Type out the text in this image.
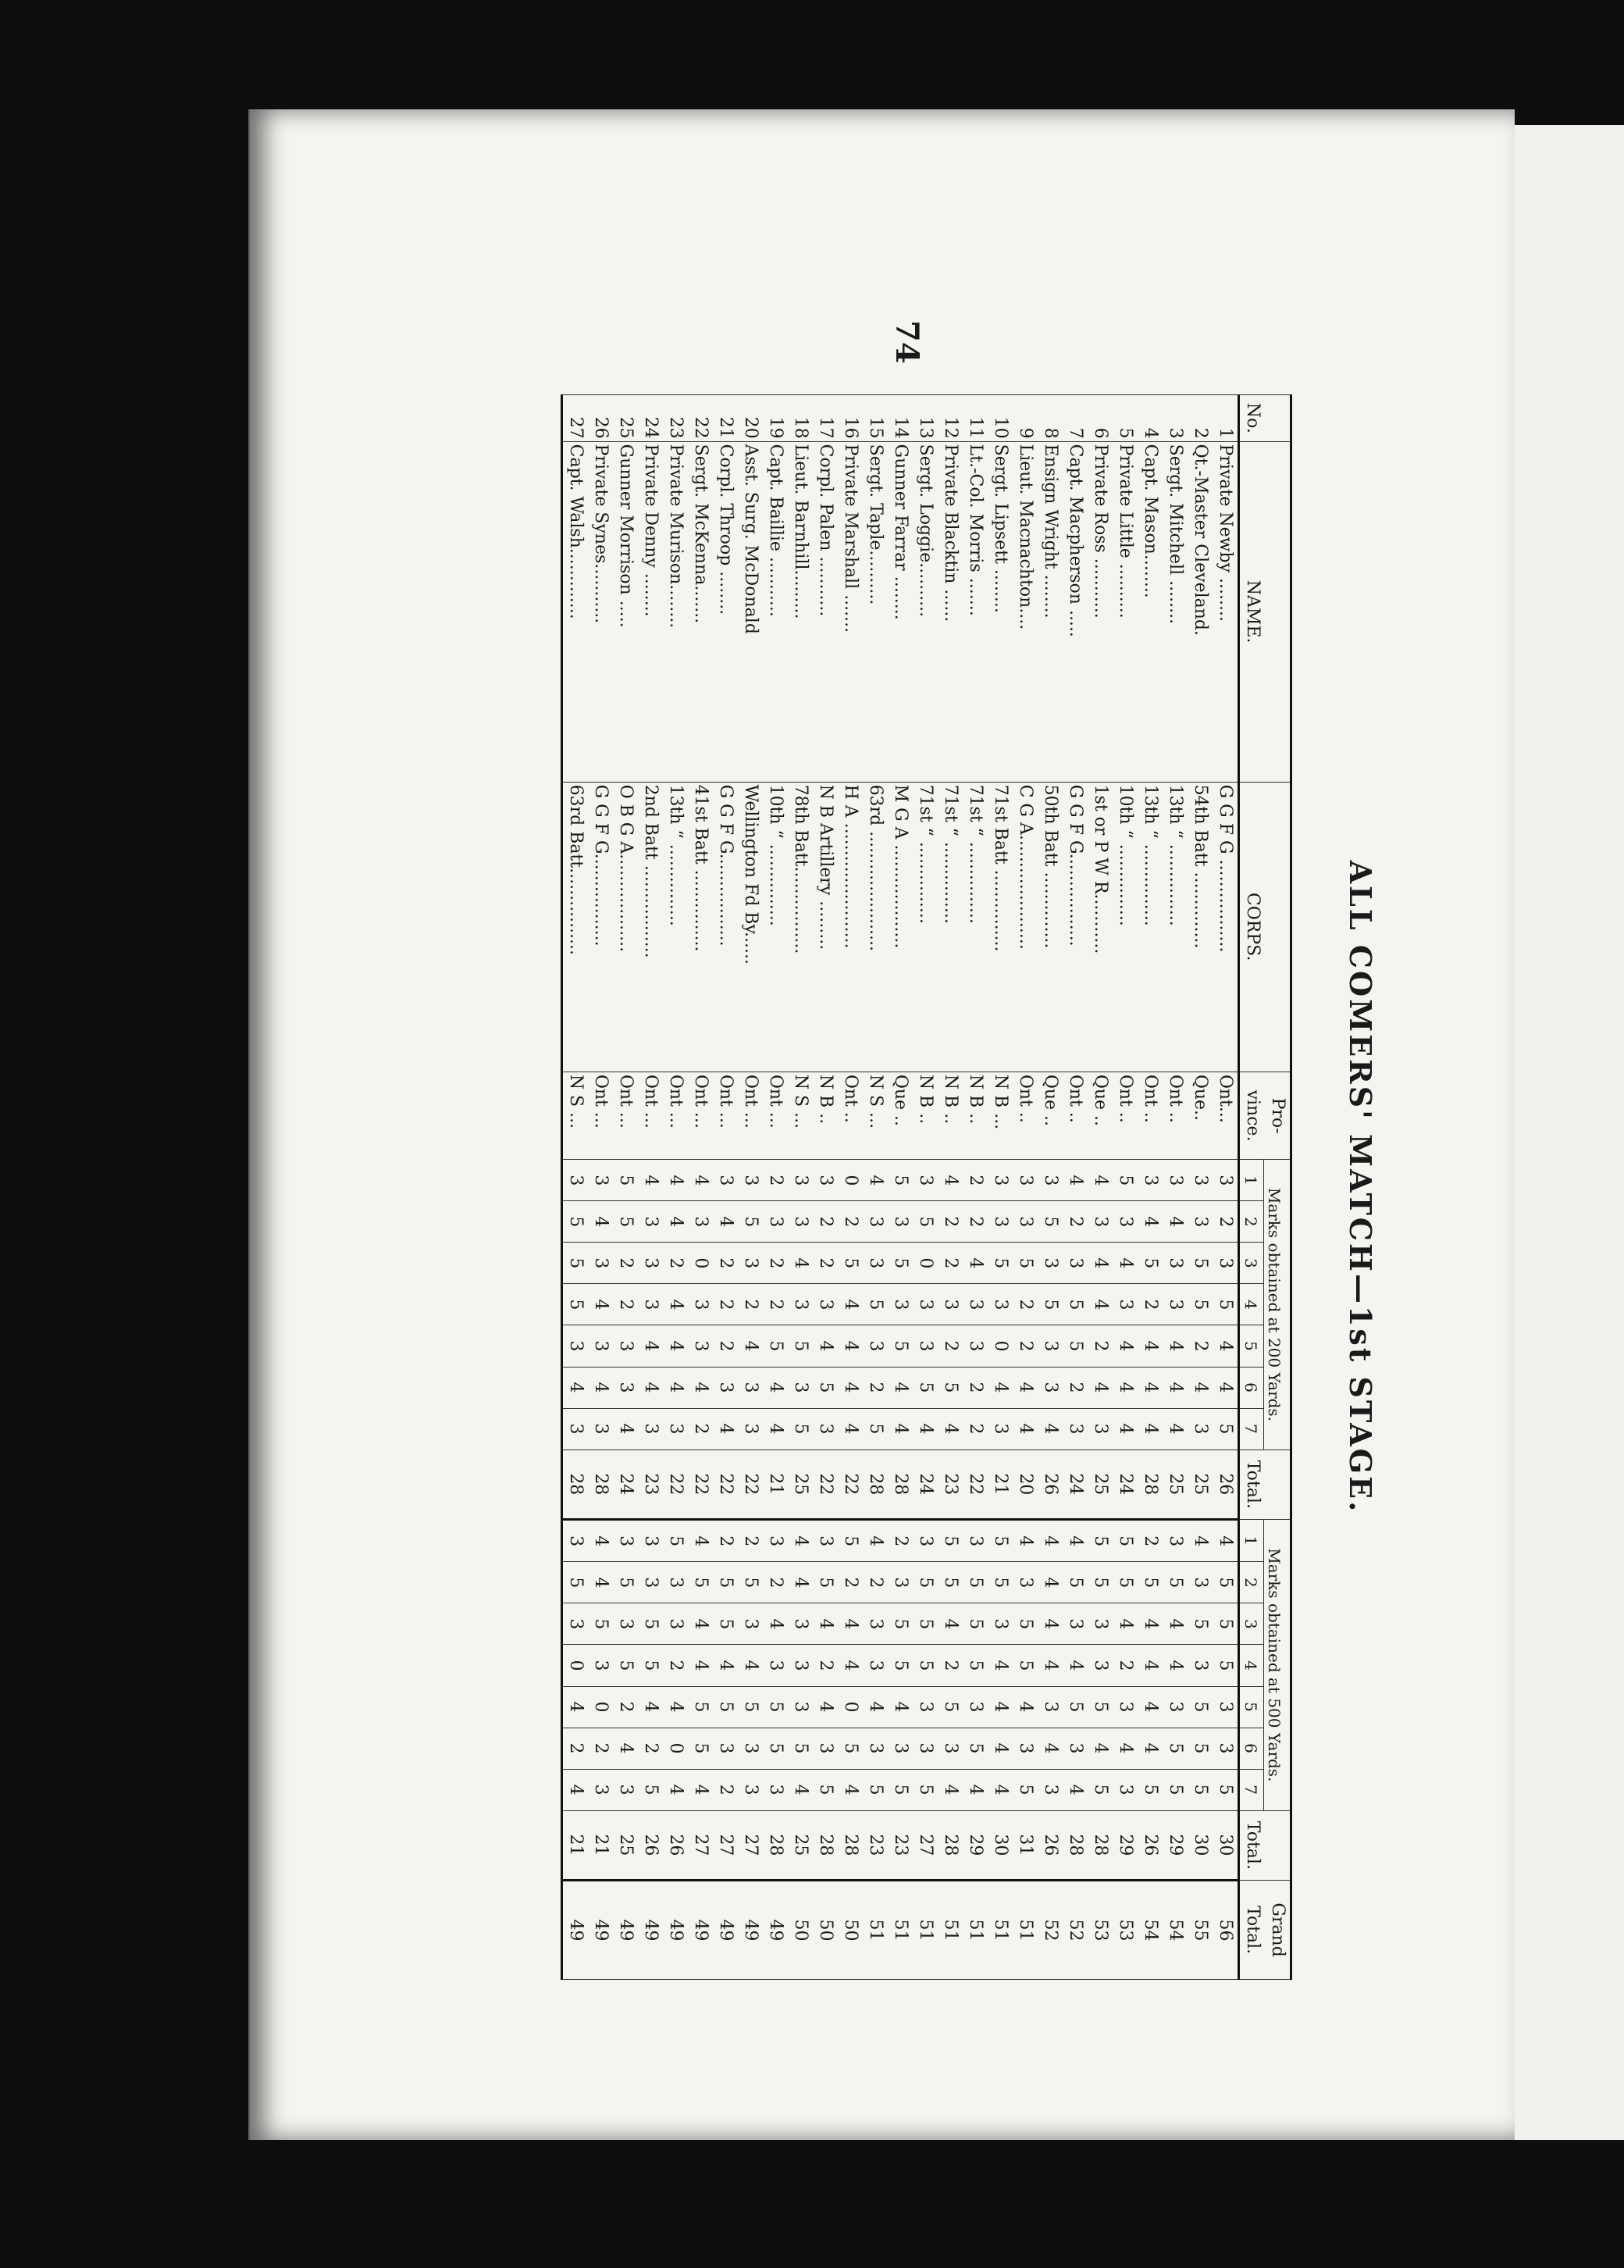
74
ALL COMERS' MATCH—1st STAGE.
No.	NAME.	CORPS.	Pro-vince.	Marks obtained at 200 Yards.							Total.	Marks obtained at 500 Yards.							Total.	Grand Total.
				1	2	3	4	5	6	7		1	2	3	4	5	6	7		
1	Private Newby ........	G G F G .................	Ont...	3	2	3	5	4	4	5	26	4	5	5	5	3	3	5	30	56
2	Qt.-Master Cleveland.	54th Batt ..............	Que..	3	3	5	5	2	4	3	25	4	3	5	3	5	5	5	30	55
3	Sergt. Mitchell ........	13th “ ...............	Ont ..	3	4	3	3	4	4	4	25	3	5	4	4	3	5	5	29	54
4	Capt. Mason........	13th “ ...............	Ont ..	3	4	5	2	4	4	4	28	2	5	4	4	4	4	5	26	54
5	Private Little ..........	10th “ ...............	Ont ..	5	3	4	3	4	4	4	24	5	5	4	2	3	4	3	29	53
6	Private Ross ...........	1st or P W R...........	Que ..	4	3	4	4	2	4	3	25	5	5	3	3	5	4	5	28	53
7	Capt. Macpherson .....	G G F G.................	Ont ..	4	2	3	5	5	2	3	24	4	5	3	4	5	3	4	28	52
8	Ensign Wright ........	50th Batt ..............	Que ..	3	5	3	5	3	3	4	26	4	4	4	4	3	4	3	26	52
9	Lieut. Macnachton....	C G A.....................	Ont ..	3	3	5	2	2	4	4	20	4	3	5	5	4	3	5	31	51
10	Sergt. Lipsett ........	71st Batt ...............	N B ...	3	3	5	3	0	4	3	21	5	5	3	4	4	4	4	30	51
11	Lt.-Col. Morris .......	71st “ ...............	N B ..	2	2	4	3	3	2	2	22	3	5	5	5	3	5	4	29	51
12	Private Blacktin ......	71st “ ...............	N B ..	4	2	2	3	2	5	4	23	5	5	4	2	5	3	4	28	51
13	Sergt. Loggie..........	71st “ ...............	N B ..	3	5	0	3	3	5	4	24	3	5	5	5	3	3	5	27	51
14	Gunner Farrar ........	M G A ...................	Que ..	5	3	5	3	5	4	4	28	2	3	5	5	4	3	5	23	51
15	Sergt. Taple..........	63rd ......................	N S ...	4	3	3	5	3	2	5	28	4	2	3	3	4	3	5	23	51
16	Private Marshall .......	H A .......................	Ont ..	0	2	5	4	4	4	4	22	5	2	4	4	0	5	4	28	50
17	Corpl. Palen ...........	N B Artillery .........	N B ..	3	2	2	3	4	5	3	22	3	5	4	2	4	3	5	28	50
18	Lieut. Barnhill.........	78th Batt................	N S ...	3	3	4	3	5	3	5	25	4	4	3	3	3	5	4	25	50
19	Capt. Baillie ...........	10th “ ...............	Ont ...	2	3	2	2	5	4	4	21	3	2	4	3	5	5	3	28	49
20	Asst. Surg. McDonald	Wellington Fd By......	Ont ...	3	5	3	2	4	3	3	22	2	5	3	4	5	3	3	27	49
21	Corpl. Throop ........	G G F G.................	Ont ...	3	4	2	2	2	3	4	22	2	5	5	4	5	3	2	27	49
22	Sergt. McKenna.......	41st Batt ...............	Ont ...	4	3	0	3	3	4	2	22	4	5	4	4	5	5	4	27	49
23	Private Murison........	13th “ ...............	Ont ...	4	4	2	4	4	4	3	22	5	3	3	2	4	0	4	26	49
24	Private Denny ........	2nd Batt .................	Ont ...	4	3	3	3	4	4	3	23	3	3	5	5	4	2	5	26	49
25	Gunner Morrison .....	O B G A..................	Ont ...	5	5	2	2	3	3	4	24	3	5	3	5	2	4	3	25	49
26	Private Synes...........	G G F G.................	Ont ...	3	4	3	4	3	4	3	28	4	4	5	3	0	2	3	21	49
27	Capt. Walsh.............	63rd Batt................	N S ...	3	5	5	5	3	4	3	28	3	5	3	0	4	2	4	21	49
